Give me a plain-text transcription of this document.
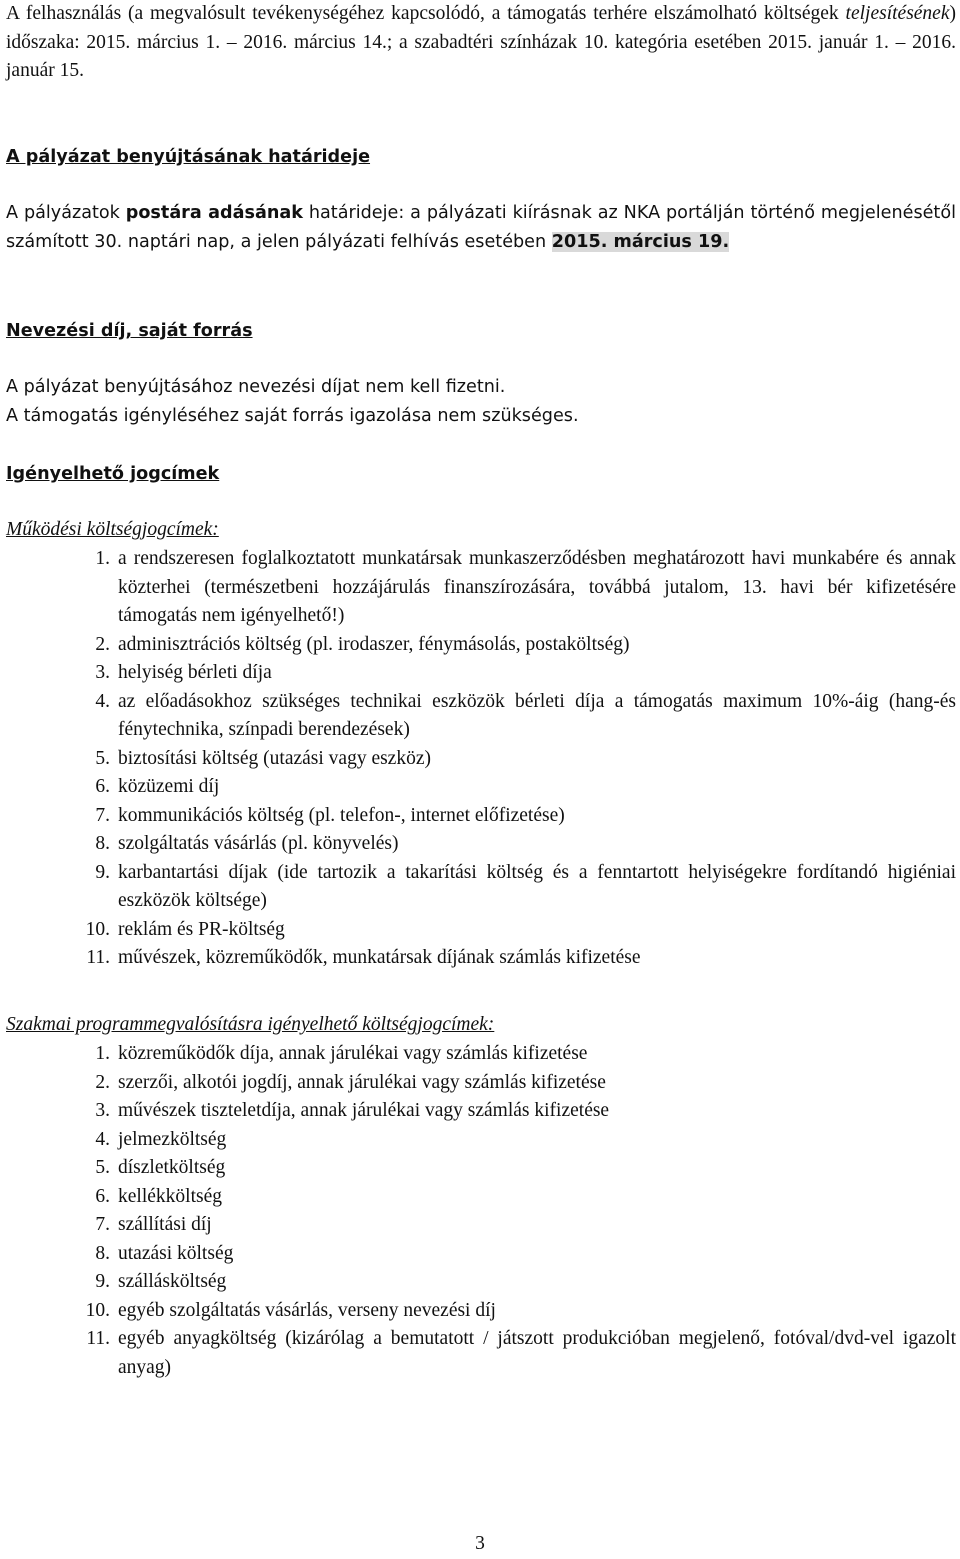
A felhasználás (a megvalósult tevékenységéhez kapcsolódó, a támogatás terhére elszámolható költségek teljesítésének) időszaka: 2015. március 1. – 2016. március 14.; a szabadtéri színházak 10. kategória esetében 2015. január 1. – 2016. január 15.

A pályázat benyújtásának határideje

A pályázatok postára adásának határideje: a pályázati kiírásnak az NKA portálján történő megjelenésétől számított 30. naptári nap, a jelen pályázati felhívás esetében 2015. március 19.

Nevezési díj, saját forrás

A pályázat benyújtásához nevezési díjat nem kell fizetni.

A támogatás igényléséhez saját forrás igazolása nem szükséges.

Igényelhető jogcímek

Működési költségjogcímek:

1. a rendszeresen foglalkoztatott munkatársak munkaszerződésben meghatározott havi munkabére és annak közterhei (természetbeni hozzájárulás finanszírozására, továbbá jutalom, 13. havi bér kifizetésére támogatás nem igényelhető!)
2. adminisztrációs költség (pl. irodaszer, fénymásolás, postaköltség)
3. helyiség bérleti díja
4. az előadásokhoz szükséges technikai eszközök bérleti díja a támogatás maximum 10%-áig (hang-és fénytechnika, színpadi berendezések)
5. biztosítási költség (utazási vagy eszköz)
6. közüzemi díj
7. kommunikációs költség (pl. telefon-, internet előfizetése)
8. szolgáltatás vásárlás (pl. könyvelés)
9. karbantartási díjak (ide tartozik a takarítási költség és a fenntartott helyiségekre fordítandó higiéniai eszközök költsége)
10. reklám és PR-költség
11. művészek, közreműködők, munkatársak díjának számlás kifizetése

Szakmai programmegvalósításra igényelhető költségjogcímek:

1. közreműködők díja, annak járulékai vagy számlás kifizetése
2. szerzői, alkotói jogdíj, annak járulékai vagy számlás kifizetése
3. művészek tiszteletdíja, annak járulékai vagy számlás kifizetése
4. jelmezköltség
5. díszletköltség
6. kellékköltség
7. szállítási díj
8. utazási költség
9. szállásköltség
10. egyéb szolgáltatás vásárlás, verseny nevezési díj
11. egyéb anyagköltség (kizárólag a bemutatott / játszott produkcióban megjelenő, fotóval/dvd-vel igazolt anyag)
3
